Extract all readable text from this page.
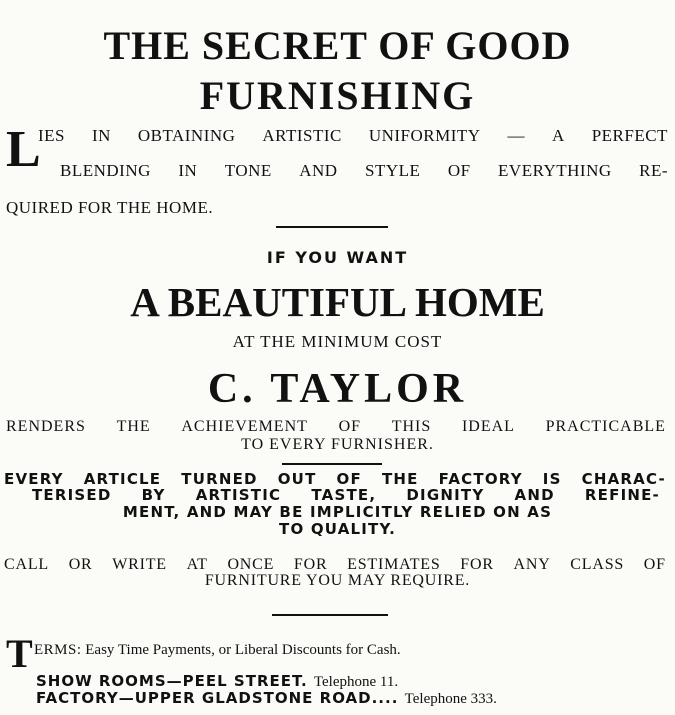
THE SECRET OF GOOD
FURNISHING
L
IES IN OBTAINING ARTISTIC UNIFORMITY — A PERFECT
BLENDING IN TONE AND STYLE OF EVERYTHING RE-
QUIRED FOR THE HOME.
IF YOU WANT
A BEAUTIFUL HOME
AT THE MINIMUM COST
C. TAYLOR
RENDERS THE ACHIEVEMENT OF THIS IDEAL PRACTICABLE
TO EVERY FURNISHER.
EVERY ARTICLE TURNED OUT OF THE FACTORY IS CHARAC-
TERISED BY ARTISTIC TASTE, DIGNITY AND REFINE-
MENT, AND MAY BE IMPLICITLY RELIED ON AS
TO QUALITY.
CALL OR WRITE AT ONCE FOR ESTIMATES FOR ANY CLASS OF
FURNITURE YOU MAY REQUIRE.
T ERMS: Easy Time Payments, or Liberal Discounts for Cash.
SHOW ROOMS—PEEL STREET. Telephone 11.
FACTORY—UPPER GLADSTONE ROAD.... Telephone 333.
